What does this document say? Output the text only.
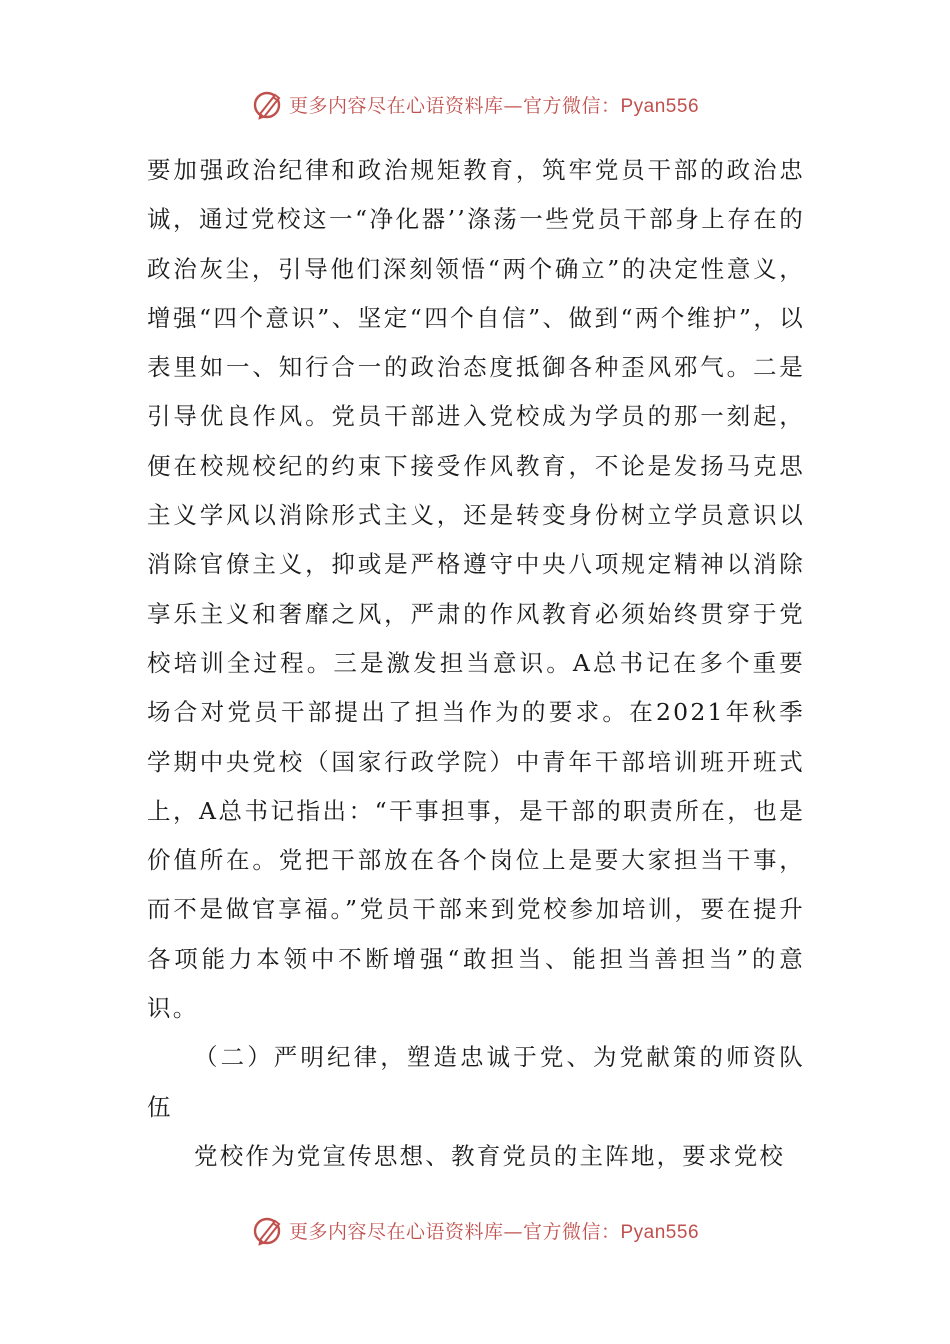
更多内容尽在心语资料库—官方微信：Pyan556

要加强政治纪律和政治规矩教育，筑牢党员干部的政治忠诚，通过党校这一“净化器’’涤荡一些党员干部身上存在的政治灰尘，引导他们深刻领悟“两个确立”的决定性意义，增强“四个意识”、坚定“四个自信”、做到“两个维护”，以表里如一、知行合一的政治态度抵御各种歪风邪气。二是引导优良作风。党员干部进入党校成为学员的那一刻起，便在校规校纪的约束下接受作风教育，不论是发扬马克思主义学风以消除形式主义，还是转变身份树立学员意识以消除官僚主义，抑或是严格遵守中央八项规定精神以消除享乐主义和奢靡之风，严肃的作风教育必须始终贯穿于党校培训全过程。三是激发担当意识。A总书记在多个重要场合对党员干部提出了担当作为的要求。在2021年秋季学期中央党校（国家行政学院）中青年干部培训班开班式上，A总书记指出：“干事担事，是干部的职责所在，也是价值所在。党把干部放在各个岗位上是要大家担当干事，而不是做官享福。”党员干部来到党校参加培训，要在提升各项能力本领中不断增强“敢担当、能担当善担当”的意识。

（二）严明纪律，塑造忠诚于党、为党献策的师资队伍

党校作为党宣传思想、教育党员的主阵地，要求党校

更多内容尽在心语资料库—官方微信：Pyan556
